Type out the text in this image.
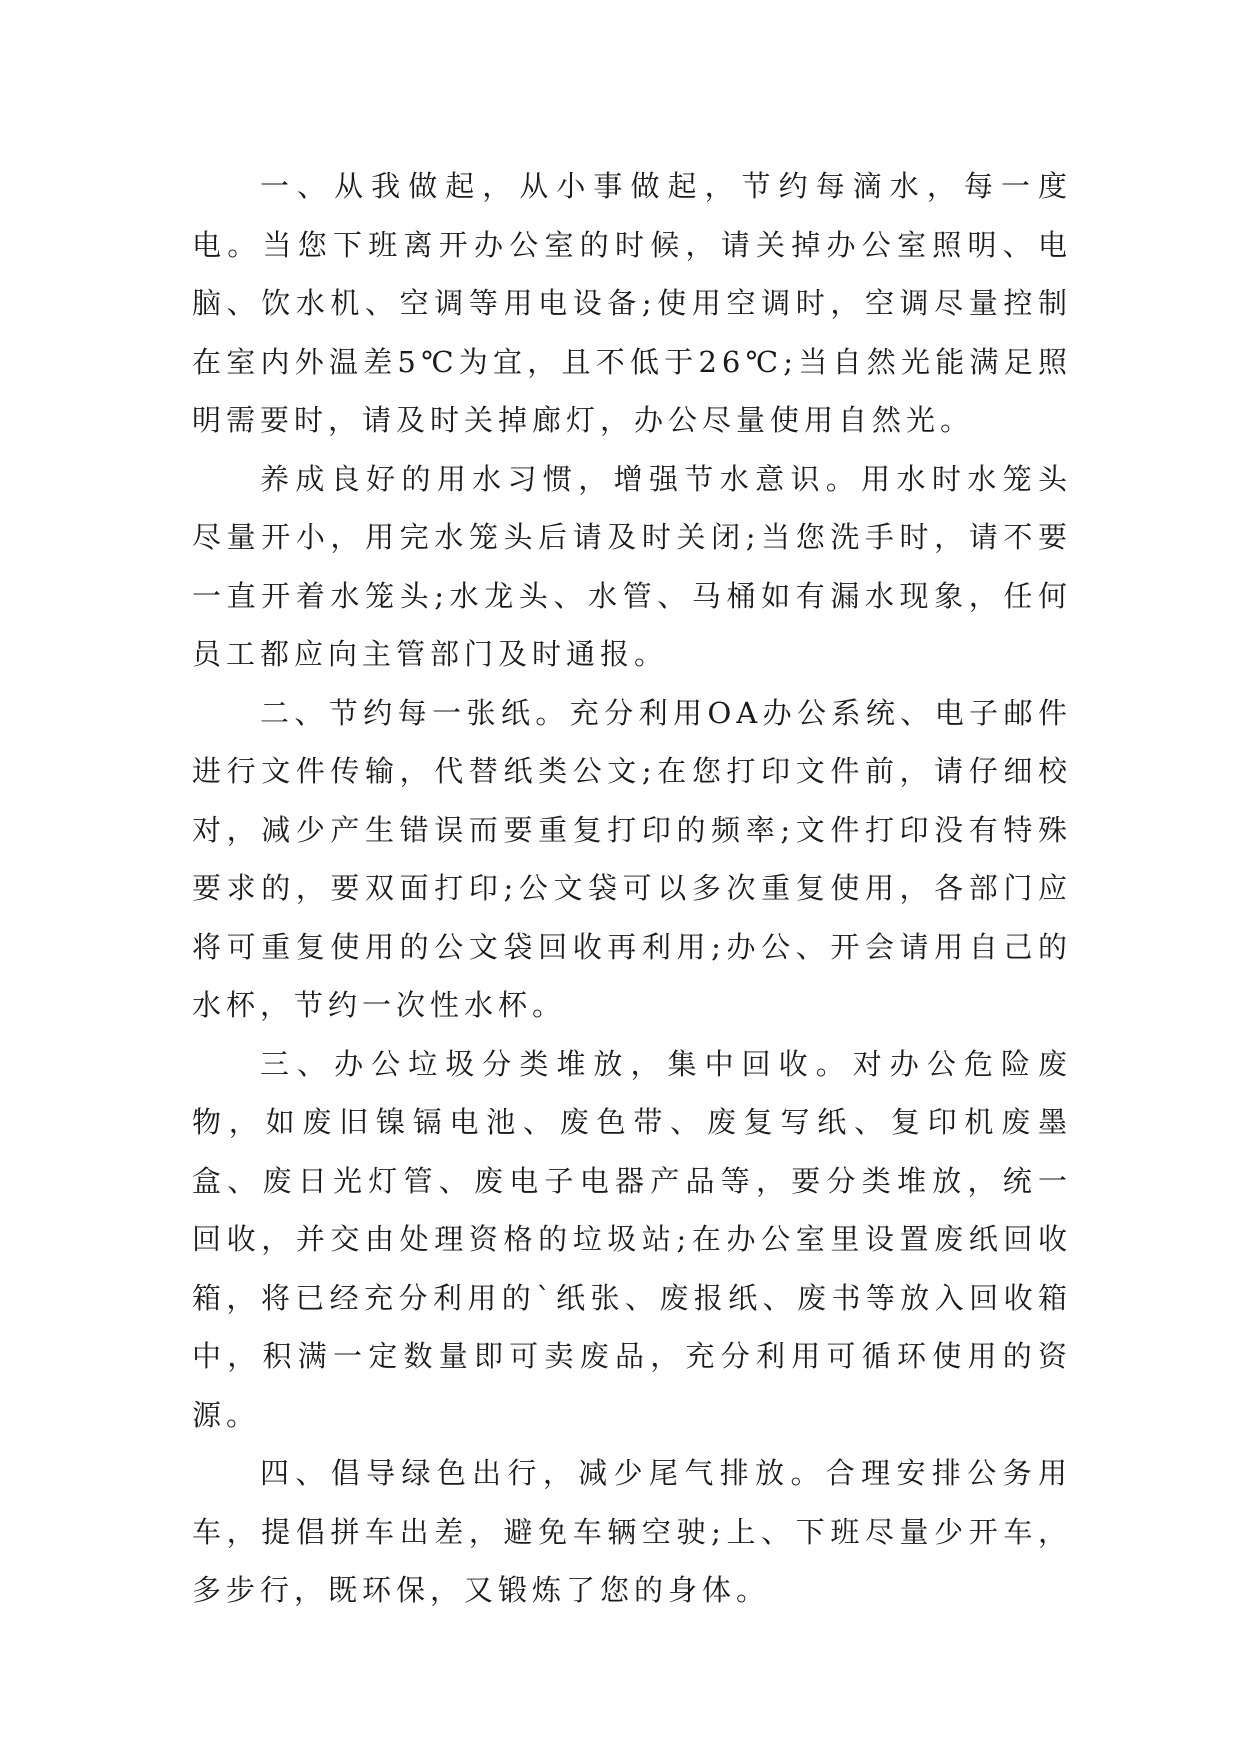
一、从我做起，从小事做起，节约每滴水，每一度电。当您下班离开办公室的时候，请关掉办公室照明、电脑、饮水机、空调等用电设备;使用空调时，空调尽量控制在室内外温差5℃为宜，且不低于26℃;当自然光能满足照明需要时，请及时关掉廊灯，办公尽量使用自然光。

养成良好的用水习惯，增强节水意识。用水时水笼头尽量开小，用完水笼头后请及时关闭;当您洗手时，请不要一直开着水笼头;水龙头、水管、马桶如有漏水现象，任何员工都应向主管部门及时通报。

二、节约每一张纸。充分利用OA办公系统、电子邮件进行文件传输，代替纸类公文;在您打印文件前，请仔细校对，减少产生错误而要重复打印的频率;文件打印没有特殊要求的，要双面打印;公文袋可以多次重复使用，各部门应将可重复使用的公文袋回收再利用;办公、开会请用自己的水杯，节约一次性水杯。

三、办公垃圾分类堆放，集中回收。对办公危险废物，如废旧镍镉电池、废色带、废复写纸、复印机废墨盒、废日光灯管、废电子电器产品等，要分类堆放，统一回收，并交由处理资格的垃圾站;在办公室里设置废纸回收箱，将已经充分利用的`纸张、废报纸、废书等放入回收箱中，积满一定数量即可卖废品，充分利用可循环使用的资源。

四、倡导绿色出行，减少尾气排放。合理安排公务用车，提倡拼车出差，避免车辆空驶;上、下班尽量少开车，多步行，既环保，又锻炼了您的身体。
